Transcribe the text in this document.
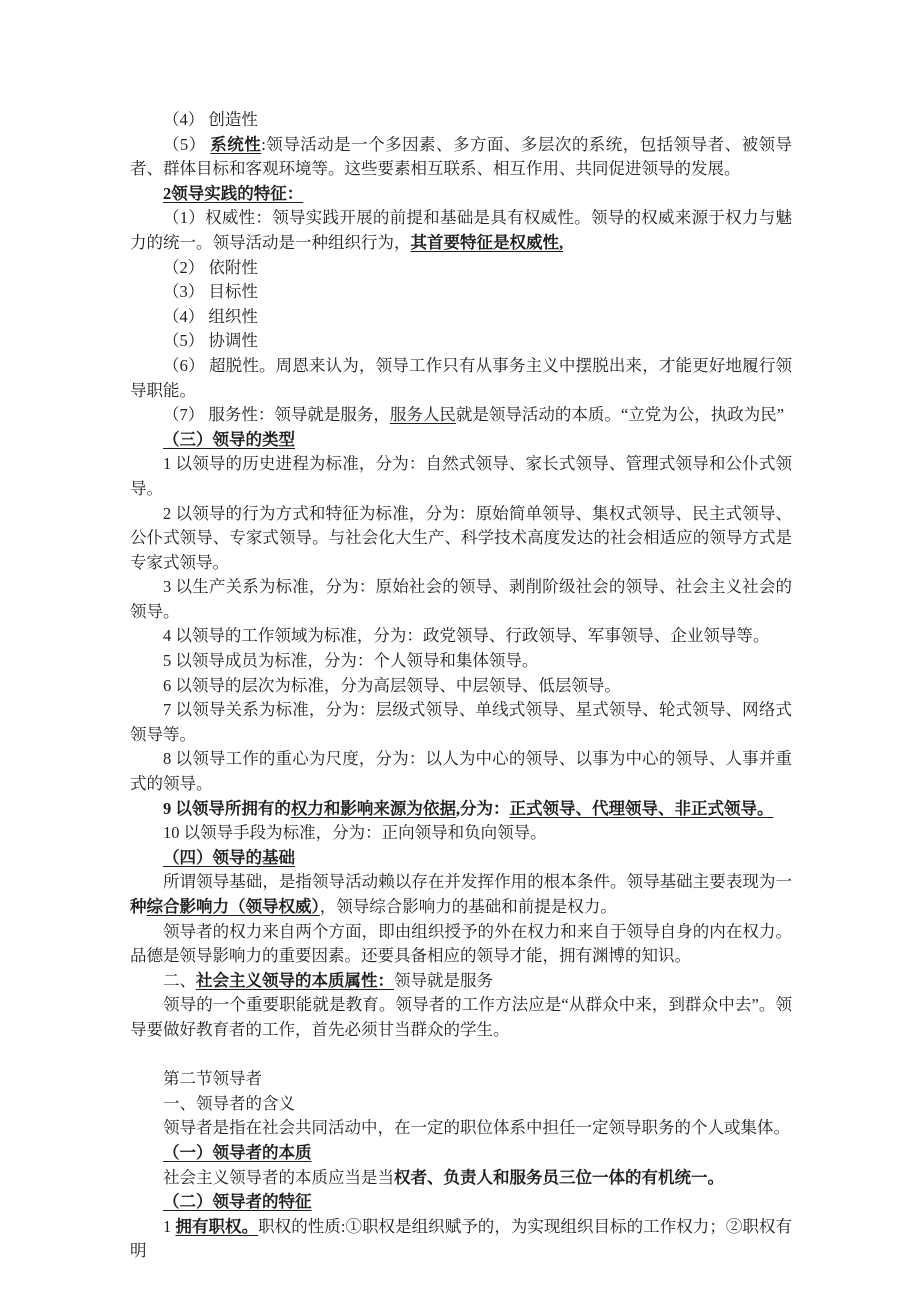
（4） 创造性

（5） 系统性:领导活动是一个多因素、多方面、多层次的系统，包括领导者、被领导者、群体目标和客观环境等。这些要素相互联系、相互作用、共同促进领导的发展。

2领导实践的特征：

（1）权威性：领导实践开展的前提和基础是具有权威性。领导的权威来源于权力与魅力的统一。领导活动是一种组织行为，其首要特征是权威性,

（2） 依附性

（3） 目标性

（4） 组织性

（5） 协调性

（6） 超脱性。周恩来认为，领导工作只有从事务主义中摆脱出来，才能更好地履行领导职能。

（7） 服务性：领导就是服务，服务人民就是领导活动的本质。“立党为公，执政为民”

（三）领导的类型

1 以领导的历史进程为标准，分为：自然式领导、家长式领导、管理式领导和公仆式领导。

2 以领导的行为方式和特征为标准，分为：原始简单领导、集权式领导、民主式领导、公仆式领导、专家式领导。与社会化大生产、科学技术高度发达的社会相适应的领导方式是专家式领导。

3 以生产关系为标准，分为：原始社会的领导、剥削阶级社会的领导、社会主义社会的领导。

4 以领导的工作领域为标准，分为：政党领导、行政领导、军事领导、企业领导等。

5 以领导成员为标准，分为：个人领导和集体领导。

6 以领导的层次为标准，分为高层领导、中层领导、低层领导。

7 以领导关系为标准，分为：层级式领导、单线式领导、星式领导、轮式领导、网络式领导等。

8 以领导工作的重心为尺度，分为：以人为中心的领导、以事为中心的领导、人事并重式的领导。

9 以领导所拥有的权力和影响来源为依据,分为：正式领导、代理领导、非正式领导。

10 以领导手段为标准，分为：正向领导和负向领导。

（四）领导的基础

所谓领导基础，是指领导活动赖以存在并发挥作用的根本条件。领导基础主要表现为一种综合影响力（领导权威），领导综合影响力的基础和前提是权力。

领导者的权力来自两个方面，即由组织授予的外在权力和来自于领导自身的内在权力。品德是领导影响力的重要因素。还要具备相应的领导才能，拥有渊博的知识。

二、社会主义领导的本质属性：领导就是服务

领导的一个重要职能就是教育。领导者的工作方法应是“从群众中来，到群众中去”。领导要做好教育者的工作，首先必须甘当群众的学生。

第二节领导者

一、领导者的含义

领导者是指在社会共同活动中，在一定的职位体系中担任一定领导职务的个人或集体。

（一）领导者的本质

社会主义领导者的本质应当是当权者、负责人和服务员三位一体的有机统一。

（二）领导者的特征

1 拥有职权。职权的性质:①职权是组织赋予的，为实现组织目标的工作权力；②职权有明
